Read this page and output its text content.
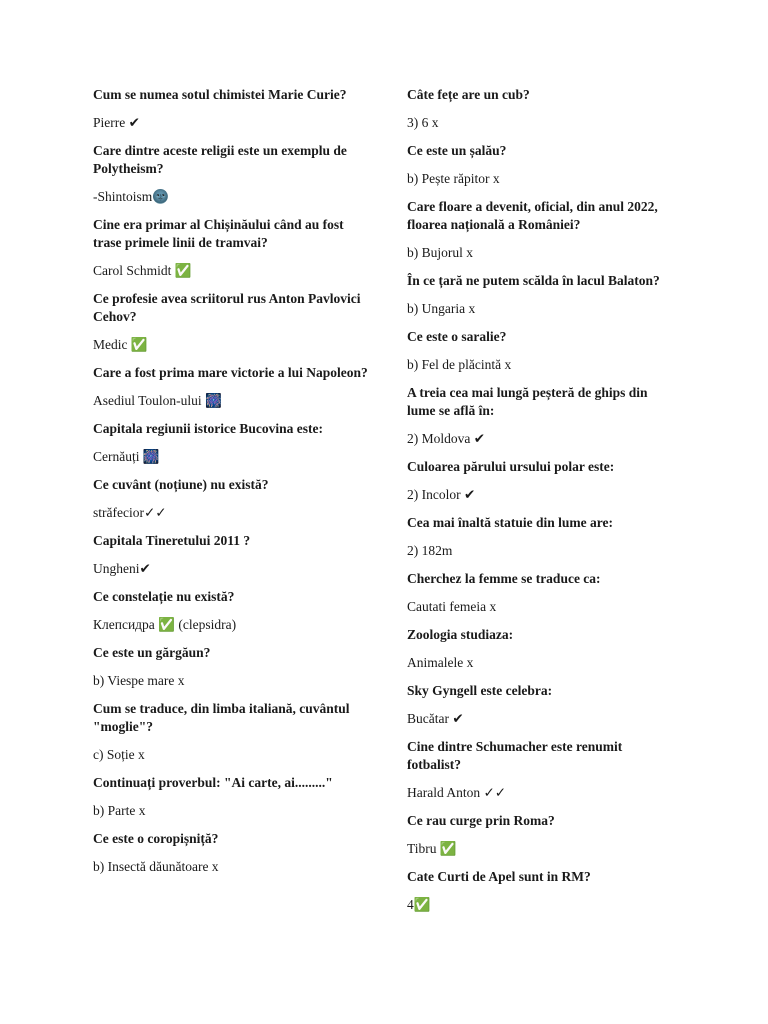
Cum se numea sotul chimistei Marie Curie?

Pierre ✔

Care dintre aceste religii este un exemplu de Polytheism?

-Shintoism🌚

Cine era primar al Chișinăului când au fost trase primele linii de tramvai?

Carol Schmidt ✅

Ce profesie avea scriitorul rus Anton Pavlovici Cehov?

Medic ✅

Care a fost prima mare victorie a lui Napoleon?

Asediul Toulon-ului 🎆

Capitala regiunii istorice Bucovina este:

Cernăuți 🎆

Ce cuvânt (noțiune) nu există?

străfecior✓✓

Capitala Tineretului 2011 ?

Ungheni✔

Ce constelație nu există?

Клепсидра ✅ (clepsidra)

Ce este un gărgăun?

b) Viespe mare x

Cum se traduce, din limba italiană, cuvântul "moglie"?

c) Soție x

Continuați proverbul: "Ai carte, ai........."

b) Parte x

Ce este o coropișniță?

b) Insectă dăunătoare x

Câte fețe are un cub?

3) 6 x

Ce este un șalău?

b) Pește răpitor x

Care floare a devenit, oficial, din anul 2022, floarea națională a României?

b) Bujorul x

În ce țară ne putem scălda în lacul Balaton?

b) Ungaria x

Ce este o saralie?

b) Fel de plăcintă x

A treia cea mai lungă peșteră de ghips din lume se află în:

2) Moldova ✔

Culoarea părului ursului polar este:

2) Incolor ✔

Cea mai înaltă statuie din lume are:

2) 182m

Cherchez la femme se traduce ca:

Cautati femeia x

Zoologia studiaza:

Animalele x

Sky Gyngell este celebra:

Bucătar ✔

Cine dintre Schumacher este renumit fotbalist?

Harald Anton ✓✓

Ce rau curge prin Roma?

Tibru ✅

Cate Curti de Apel sunt in RM?

4✅
